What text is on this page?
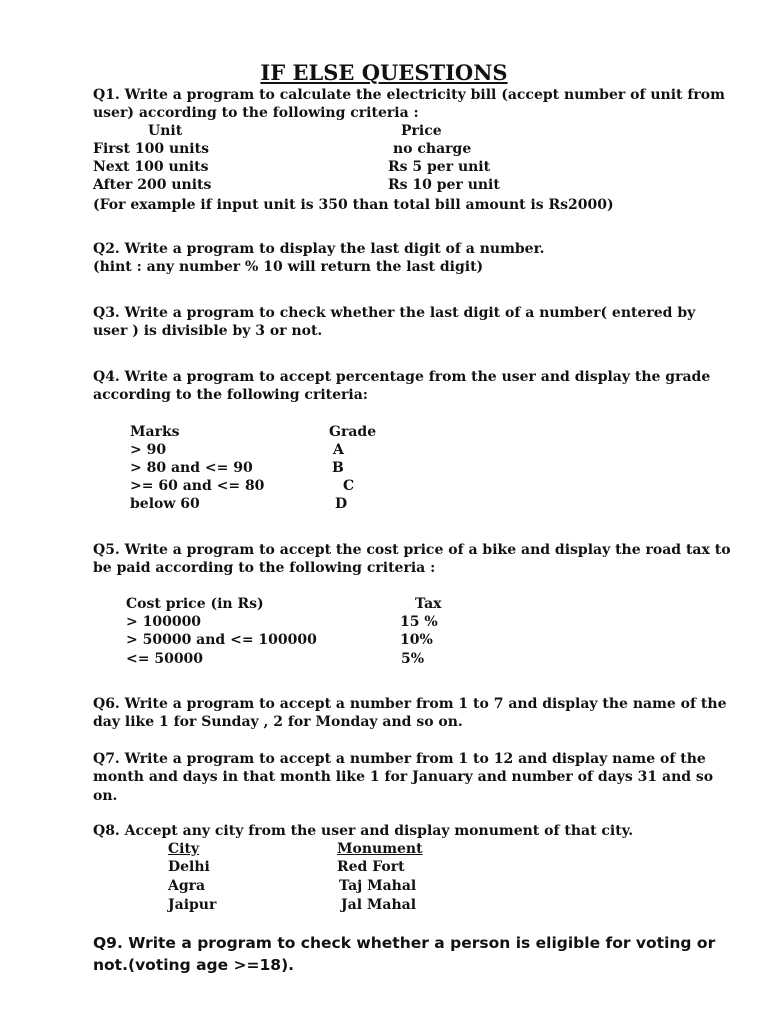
IF ELSE QUESTIONS
Q1. Write a program to calculate the electricity bill (accept number of unit from
user) according to the following criteria :
Unit	Price
First 100 units	no charge
Next 100 units	Rs 5 per unit
After 200 units	Rs 10 per unit
(For example if input unit is 350 than total bill amount is Rs2000)
Q2. Write a program to display the last digit of a number.
(hint : any number % 10 will return the last digit)
Q3. Write a program to check whether the last digit of a number( entered by
user ) is divisible by 3 or not.
Q4. Write a program to accept percentage from the user and display the grade
according to the following criteria:
Marks	Grade
> 90	A
> 80 and <= 90	B
>= 60 and <= 80	C
below 60	D
Q5. Write a program to accept the cost price of a bike and display the road tax to
be paid according to the following criteria :
Cost price (in Rs)	Tax
> 100000	15 %
> 50000 and <= 100000	10%
<= 50000	5%
Q6. Write a program to accept a number from 1 to 7 and display the name of the
day like 1 for Sunday , 2 for Monday and so on.
Q7. Write a program to accept a number from 1 to 12 and display name of the
month and days in that month like 1 for January and number of days 31 and so
on.
Q8. Accept any city from the user and display monument of that city.
City	Monument
Delhi	Red Fort
Agra	Taj Mahal
Jaipur	Jal Mahal
Q9. Write a program to check whether a person is eligible for voting or
not.(voting age >=18).
